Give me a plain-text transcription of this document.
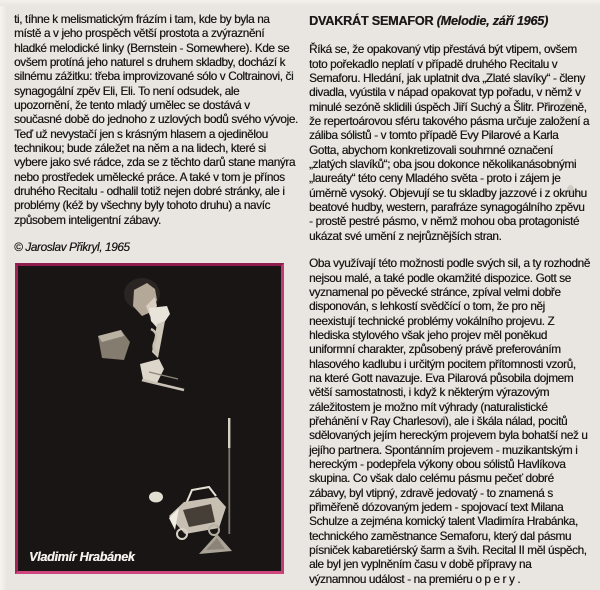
ti, tíhne k melismatickým frázím i tam, kde by byla na místě a v jeho prospěch větší prostota a zvýraznění hladké melodické linky (Bernstein - Somewhere). Kde se ovšem protíná jeho naturel s druhem skladby, dochází k silnému zážitku: třeba improvizované sólo v Coltrainovi, či synagogální zpěv Eli, Eli. To není odsudek, ale upozornění, že tento mladý umělec se dostává v současné době do jednoho z uzlových bodů svého vývoje. Teď už nevystačí jen s krásným hlasem a ojedinělou technikou; bude záležet na něm a na lidech, které si vybere jako své rádce, zda se z těchto darů stane manýra nebo prostředek umělecké práce. A také v tom je přínos druhého Recitalu - odhalil totiž nejen dobré stránky, ale i problémy (kéž by všechny byly tohoto druhu) a navíc způsobem inteligentní zábavy.

© Jaroslav Přikryl, 1965
Vladimír Hrabánek
DVAKRÁT SEMAFOR (Melodie, září 1965)

Říká se, že opakovaný vtip přestává být vtipem, ovšem toto pořekadlo neplatí v případě druhého Recitalu v Semaforu. Hledání, jak uplatnit dva „Zlaté slavíky“ - členy divadla, vyústila v nápad opakovat typ pořadu, v němž v minulé sezóně sklidili úspěch Jiří Suchý a Šlitr. Přirozeně, že repertoárovou sféru takového pásma určuje založení a záliba sólistů - v tomto případě Evy Pilarové a Karla Gotta, abychom konkretizovali souhrnné označení „zlatých slavíků“; oba jsou dokonce několikanásobnými „laureáty“ této ceny Mladého světa - proto i zájem je úměrně vysoký. Objevují se tu skladby jazzové i z okruhu beatové hudby, western, parafráze synagogálního zpěvu - prostě pestré pásmo, v němž mohou oba protagonisté ukázat své umění z nejrůznějších stran.

Oba využívají této možnosti podle svých sil, a ty rozhodně nejsou malé, a také podle okamžité dispozice. Gott se vyznamenal po pěvecké stránce, zpíval velmi dobře disponován, s lehkostí svědčící o tom, že pro něj neexistují technické problémy vokálního projevu. Z hlediska stylového však jeho projev měl poněkud uniformní charakter, způsobený právě preferováním hlasového kadlubu i určitým pocitem přítomnosti vzorů, na které Gott navazuje. Eva Pilarová působila dojmem větší samostatnosti, i když k některým výrazovým záležitostem je možno mít výhrady (naturalistické přehánění v Ray Charlesovi), ale i škála nálad, pocitů sdělovaných jejím hereckým projevem byla bohatší než u jejího partnera. Spontánním projevem - muzikantským i hereckým - podepřela výkony obou sólistů Havlíkova skupina. Co však dalo celému pásmu pečeť dobré zábavy, byl vtipný, zdravě jedovatý - to znamená s přiměřeně dózovaným jedem - spojovací text Milana Schulze a zejména komický talent Vladimíra Hrabánka, technického zaměstnance Semaforu, který dal pásmu písniček kabaretiérský šarm a švih. Recital II měl úspěch, ale byl jen vyplněním času v době přípravy na významnou událost - na premiéru o p e r y .
